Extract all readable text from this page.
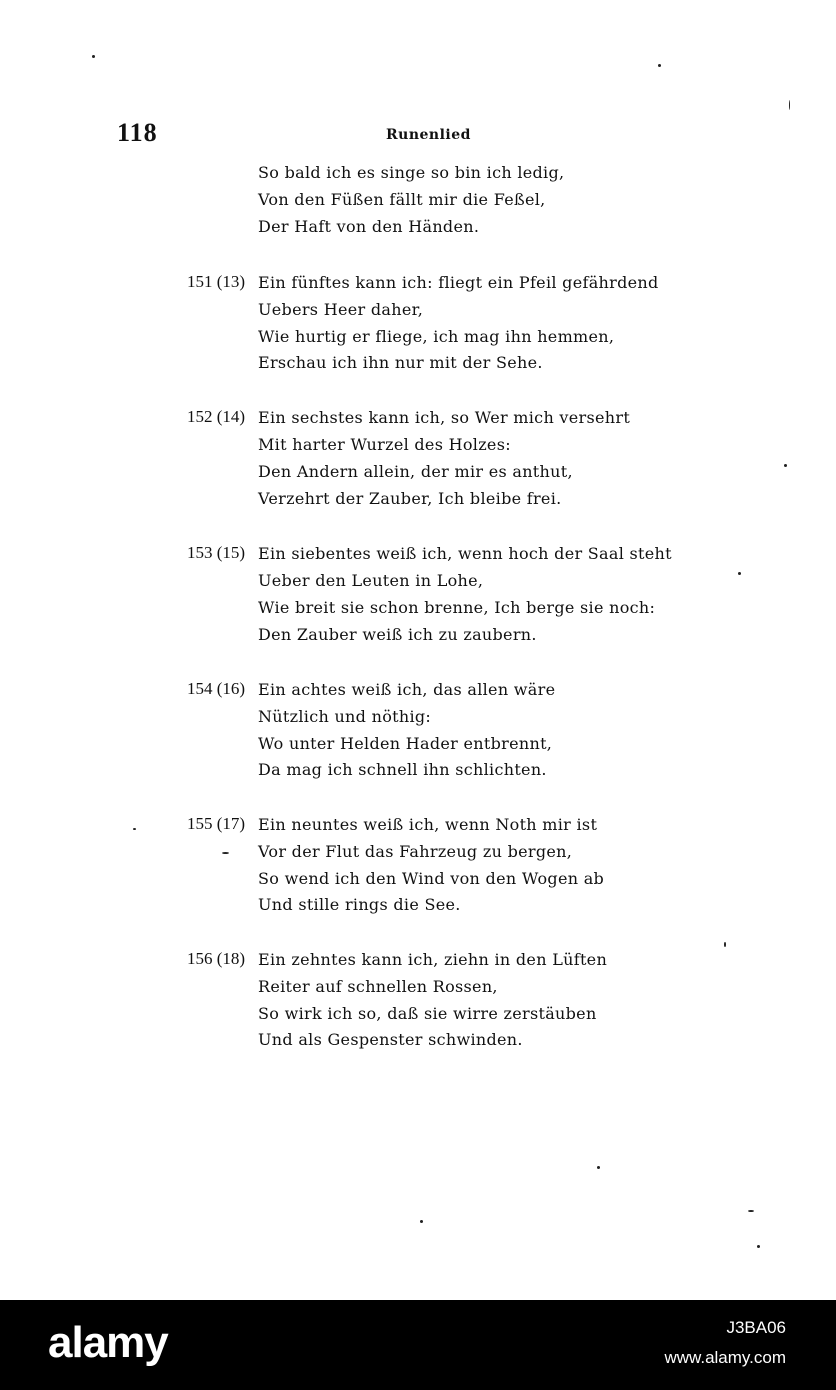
118	Runenlied
So bald ich es singe so bin ich ledig,
Von den Füßen fällt mir die Feßel,
Der Haft von den Händen.
151 (13) Ein fünftes kann ich: fliegt ein Pfeil gefährdend
Uebers Heer daher,
Wie hurtig er fliege, ich mag ihn hemmen,
Erschau ich ihn nur mit der Sehe.
152 (14) Ein sechstes kann ich, so Wer mich versehrt
Mit harter Wurzel des Holzes:
Den Andern allein, der mir es anthut,
Verzehrt der Zauber, Ich bleibe frei.
153 (15) Ein siebentes weiß ich, wenn hoch der Saal steht
Ueber den Leuten in Lohe,
Wie breit sie schon brenne, Ich berge sie noch:
Den Zauber weiß ich zu zaubern.
154 (16) Ein achtes weiß ich, das allen wäre
Nützlich und nöthig:
Wo unter Helden Hader entbrennt,
Da mag ich schnell ihn schlichten.
155 (17) Ein neuntes weiß ich, wenn Noth mir ist
Vor der Flut das Fahrzeug zu bergen,
So wend ich den Wind von den Wogen ab
Und stille rings die See.
156 (18) Ein zehntes kann ich, ziehn in den Lüften
Reiter auf schnellen Rossen,
So wirk ich so, daß sie wirre zerstäuben
Und als Gespenster schwinden.
alamy	J3BA06
www.alamy.com
